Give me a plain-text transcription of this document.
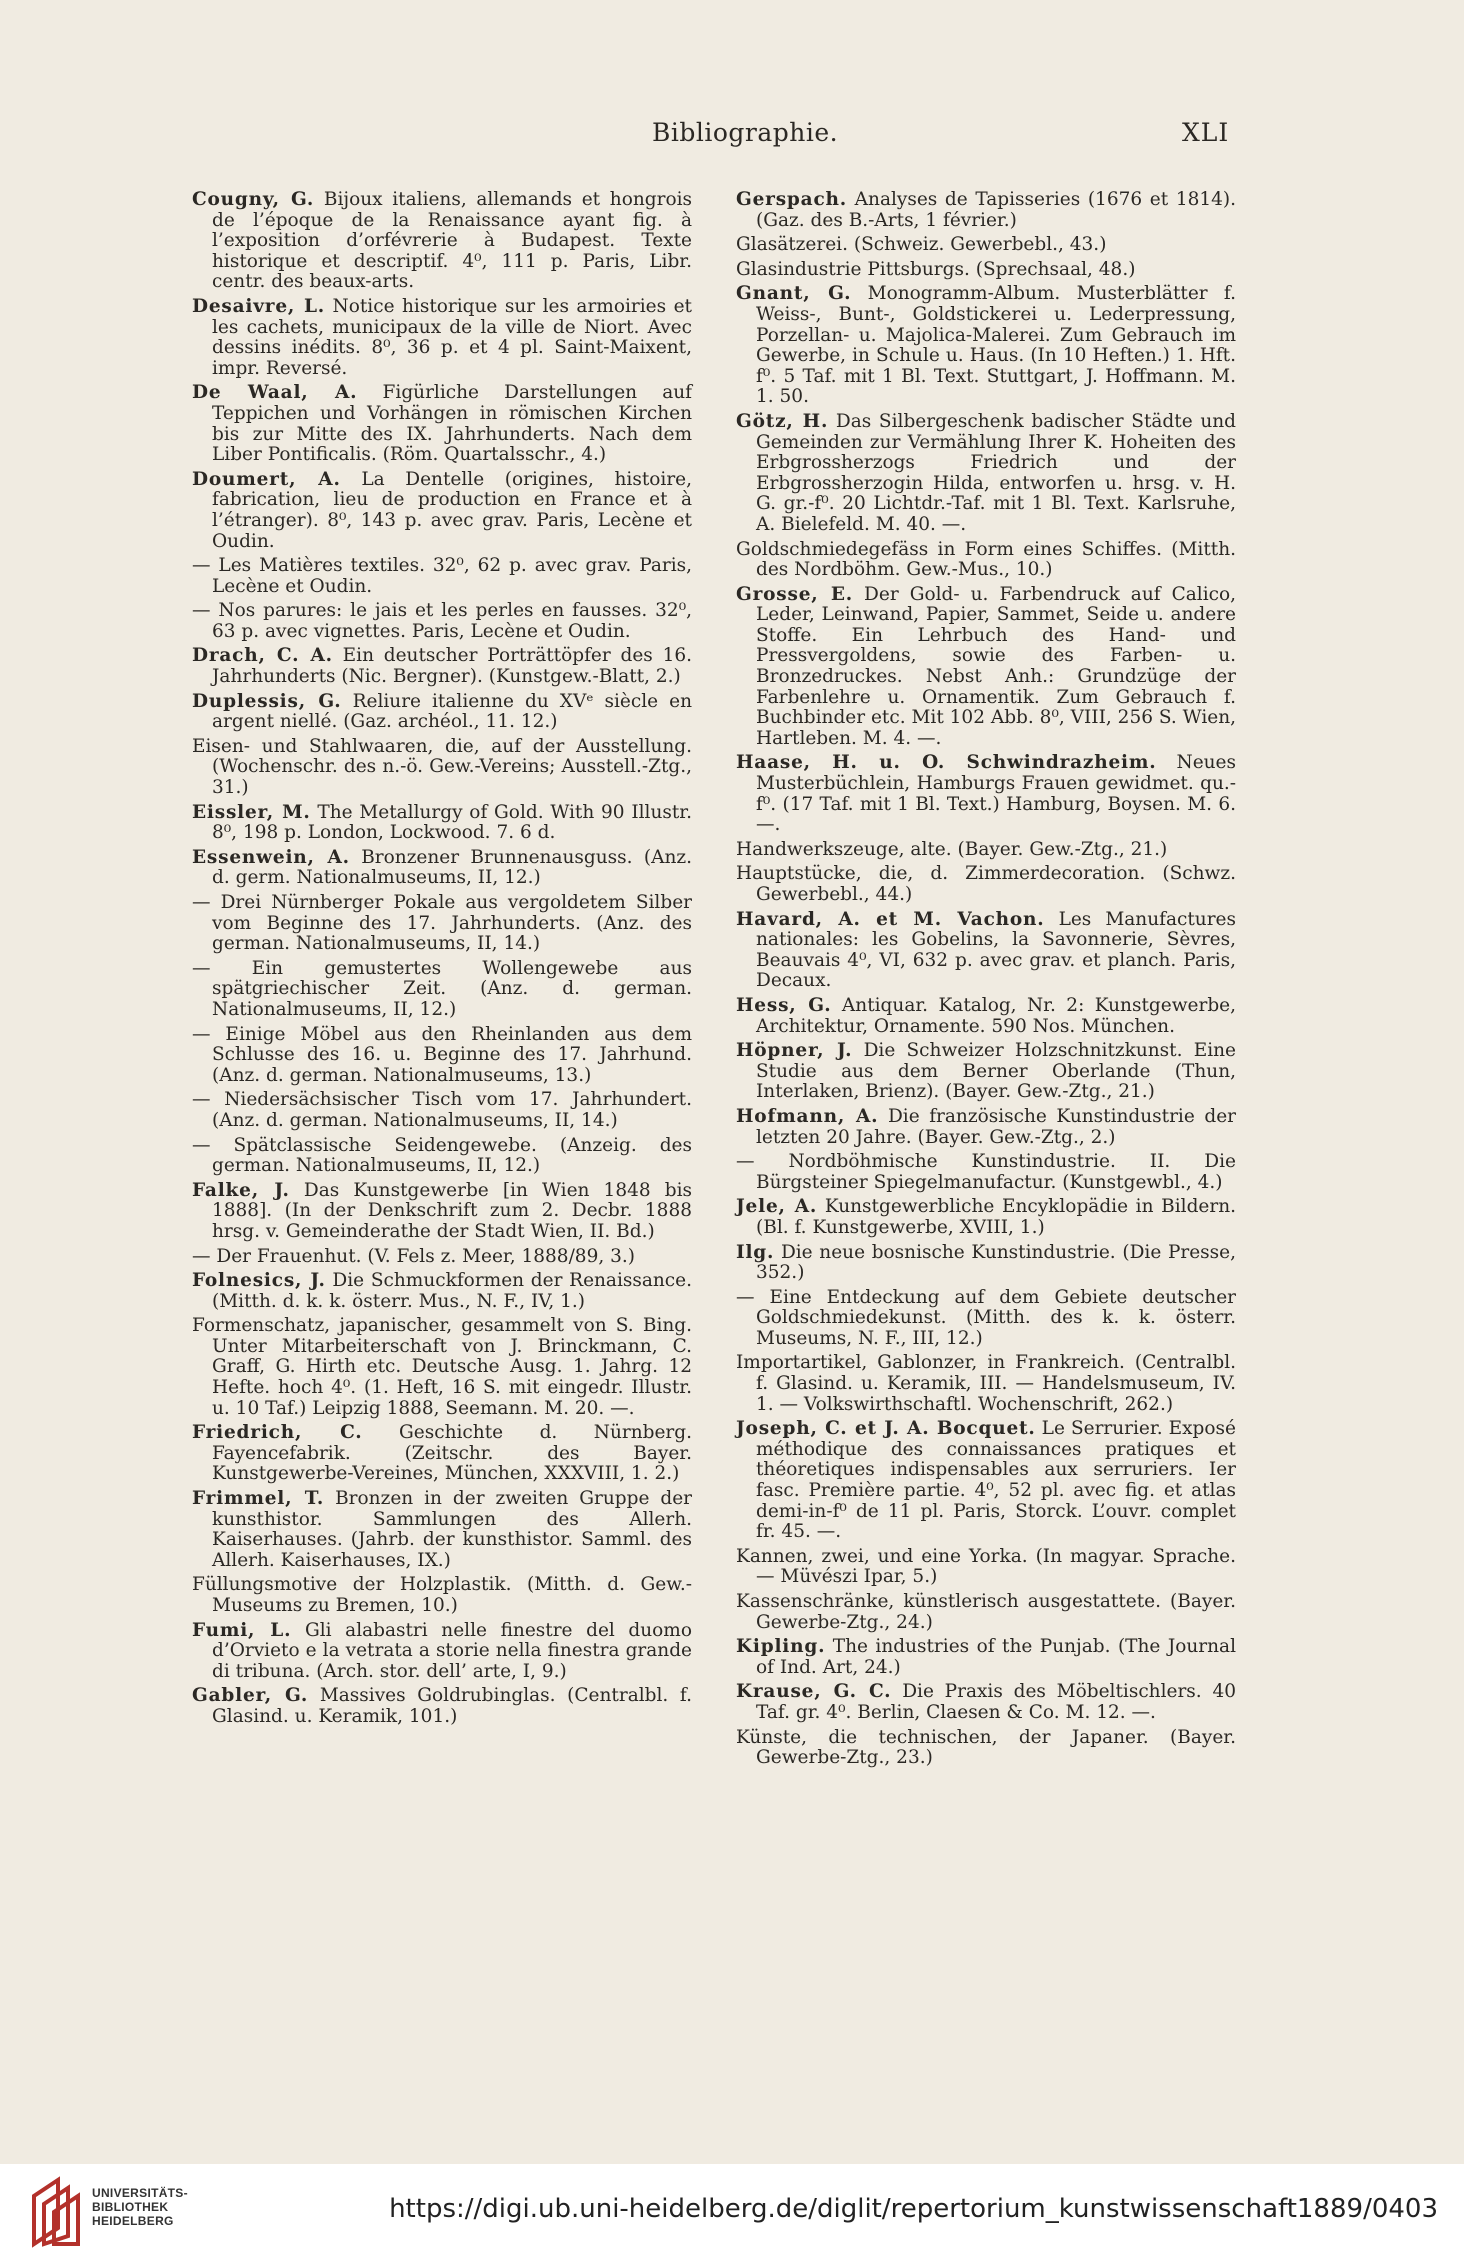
Bibliographie.	XLI
Cougny, G. Bijoux italiens, allemands et hongrois de l’époque de la Renaissance ayant fig. à l’exposition d’orfévrerie à Budapest. Texte historique et descriptif. 4⁰, 111 p. Paris, Libr. centr. des beaux-arts.
Desaivre, L. Notice historique sur les armoiries et les cachets, municipaux de la ville de Niort. Avec dessins inédits. 8⁰, 36 p. et 4 pl. Saint-Maixent, impr. Reversé.
De Waal, A. Figürliche Darstellungen auf Teppichen und Vorhängen in römischen Kirchen bis zur Mitte des IX. Jahrhunderts. Nach dem Liber Pontificalis. (Röm. Quartalsschr., 4.)
Doumert, A. La Dentelle (origines, histoire, fabrication, lieu de production en France et à l’étranger). 8⁰, 143 p. avec grav. Paris, Lecène et Oudin.
— Les Matières textiles. 32⁰, 62 p. avec grav. Paris, Lecène et Oudin.
— Nos parures: le jais et les perles en fausses. 32⁰, 63 p. avec vignettes. Paris, Lecène et Oudin.
Drach, C. A. Ein deutscher Porträttöpfer des 16. Jahrhunderts (Nic. Bergner). (Kunstgew.-Blatt, 2.)
Duplessis, G. Reliure italienne du XVᵉ siècle en argent niellé. (Gaz. archéol., 11. 12.)
Eisen- und Stahlwaaren, die, auf der Ausstellung. (Wochenschr. des n.-ö. Gew.-Vereins; Ausstell.-Ztg., 31.)
Eissler, M. The Metallurgy of Gold. With 90 Illustr. 8⁰, 198 p. London, Lockwood. 7. 6 d.
Essenwein, A. Bronzener Brunnenausguss. (Anz. d. germ. Nationalmuseums, II, 12.)
— Drei Nürnberger Pokale aus vergoldetem Silber vom Beginne des 17. Jahrhunderts. (Anz. des german. Nationalmuseums, II, 14.)
— Ein gemustertes Wollengewebe aus spätgriechischer Zeit. (Anz. d. german. Nationalmuseums, II, 12.)
— Einige Möbel aus den Rheinlanden aus dem Schlusse des 16. u. Beginne des 17. Jahrhund. (Anz. d. german. Nationalmuseums, 13.)
— Niedersächsischer Tisch vom 17. Jahrhundert. (Anz. d. german. Nationalmuseums, II, 14.)
— Spätclassische Seidengewebe. (Anzeig. des german. Nationalmuseums, II, 12.)
Falke, J. Das Kunstgewerbe [in Wien 1848 bis 1888]. (In der Denkschrift zum 2. Decbr. 1888 hrsg. v. Gemeinderathe der Stadt Wien, II. Bd.)
— Der Frauenhut. (V. Fels z. Meer, 1888/89, 3.)
Folnesics, J. Die Schmuckformen der Renaissance. (Mitth. d. k. k. österr. Mus., N. F., IV, 1.)
Formenschatz, japanischer, gesammelt von S. Bing. Unter Mitarbeiterschaft von J. Brinckmann, C. Graff, G. Hirth etc. Deutsche Ausg. 1. Jahrg. 12 Hefte. hoch 4⁰. (1. Heft, 16 S. mit eingedr. Illustr. u. 10 Taf.) Leipzig 1888, Seemann. M. 20. —.
Friedrich, C. Geschichte d. Nürnberg. Fayencefabrik. (Zeitschr. des Bayer. Kunstgewerbe-Vereines, München, XXXVIII, 1. 2.)
Frimmel, T. Bronzen in der zweiten Gruppe der kunsthistor. Sammlungen des Allerh. Kaiserhauses. (Jahrb. der kunsthistor. Samml. des Allerh. Kaiserhauses, IX.)
Füllungsmotive der Holzplastik. (Mitth. d. Gew.-Museums zu Bremen, 10.)
Fumi, L. Gli alabastri nelle finestre del duomo d’Orvieto e la vetrata a storie nella finestra grande di tribuna. (Arch. stor. dell’ arte, I, 9.)
Gabler, G. Massives Goldrubinglas. (Centralbl. f. Glasind. u. Keramik, 101.)
Gerspach. Analyses de Tapisseries (1676 et 1814). (Gaz. des B.-Arts, 1 février.)
Glasätzerei. (Schweiz. Gewerbebl., 43.)
Glasindustrie Pittsburgs. (Sprechsaal, 48.)
Gnant, G. Monogramm-Album. Musterblätter f. Weiss-, Bunt-, Goldstickerei u. Lederpressung, Porzellan- u. Majolica-Malerei. Zum Gebrauch im Gewerbe, in Schule u. Haus. (In 10 Heften.) 1. Hft. f⁰. 5 Taf. mit 1 Bl. Text. Stuttgart, J. Hoffmann. M. 1. 50.
Götz, H. Das Silbergeschenk badischer Städte und Gemeinden zur Vermählung Ihrer K. Hoheiten des Erbgrossherzogs Friedrich und der Erbgrossherzogin Hilda, entworfen u. hrsg. v. H. G. gr.-f⁰. 20 Lichtdr.-Taf. mit 1 Bl. Text. Karlsruhe, A. Bielefeld. M. 40. —.
Goldschmiedegefäss in Form eines Schiffes. (Mitth. des Nordböhm. Gew.-Mus., 10.)
Grosse, E. Der Gold- u. Farbendruck auf Calico, Leder, Leinwand, Papier, Sammet, Seide u. andere Stoffe. Ein Lehrbuch des Hand- und Pressvergoldens, sowie des Farben- u. Bronzedruckes. Nebst Anh.: Grundzüge der Farbenlehre u. Ornamentik. Zum Gebrauch f. Buchbinder etc. Mit 102 Abb. 8⁰, VIII, 256 S. Wien, Hartleben. M. 4. —.
Haase, H. u. O. Schwindrazheim. Neues Musterbüchlein, Hamburgs Frauen gewidmet. qu.-f⁰. (17 Taf. mit 1 Bl. Text.) Hamburg, Boysen. M. 6. —.
Handwerkszeuge, alte. (Bayer. Gew.-Ztg., 21.)
Hauptstücke, die, d. Zimmerdecoration. (Schwz. Gewerbebl., 44.)
Havard, A. et M. Vachon. Les Manufactures nationales: les Gobelins, la Savonnerie, Sèvres, Beauvais 4⁰, VI, 632 p. avec grav. et planch. Paris, Decaux.
Hess, G. Antiquar. Katalog, Nr. 2: Kunstgewerbe, Architektur, Ornamente. 590 Nos. München.
Höpner, J. Die Schweizer Holzschnitzkunst. Eine Studie aus dem Berner Oberlande (Thun, Interlaken, Brienz). (Bayer. Gew.-Ztg., 21.)
Hofmann, A. Die französische Kunstindustrie der letzten 20 Jahre. (Bayer. Gew.-Ztg., 2.)
— Nordböhmische Kunstindustrie. II. Die Bürgsteiner Spiegelmanufactur. (Kunstgewbl., 4.)
Jele, A. Kunstgewerbliche Encyklopädie in Bildern. (Bl. f. Kunstgewerbe, XVIII, 1.)
Ilg. Die neue bosnische Kunstindustrie. (Die Presse, 352.)
— Eine Entdeckung auf dem Gebiete deutscher Goldschmiedekunst. (Mitth. des k. k. österr. Museums, N. F., III, 12.)
Importartikel, Gablonzer, in Frankreich. (Centralbl. f. Glasind. u. Keramik, III. — Handelsmuseum, IV. 1. — Volkswirthschaftl. Wochenschrift, 262.)
Joseph, C. et J. A. Bocquet. Le Serrurier. Exposé méthodique des connaissances pratiques et théoretiques indispensables aux serruriers. Ier fasc. Première partie. 4⁰, 52 pl. avec fig. et atlas demi-in-f⁰ de 11 pl. Paris, Storck. L’ouvr. complet fr. 45. —.
Kannen, zwei, und eine Yorka. (In magyar. Sprache. — Müvészi Ipar, 5.)
Kassenschränke, künstlerisch ausgestattete. (Bayer. Gewerbe-Ztg., 24.)
Kipling. The industries of the Punjab. (The Journal of Ind. Art, 24.)
Krause, G. C. Die Praxis des Möbeltischlers. 40 Taf. gr. 4⁰. Berlin, Claesen & Co. M. 12. —.
Künste, die technischen, der Japaner. (Bayer. Gewerbe-Ztg., 23.)
UNIVERSITÄTS-
BIBLIOTHEK
HEIDELBERG	https://digi.ub.uni-heidelberg.de/diglit/repertorium_kunstwissenschaft1889/0403
